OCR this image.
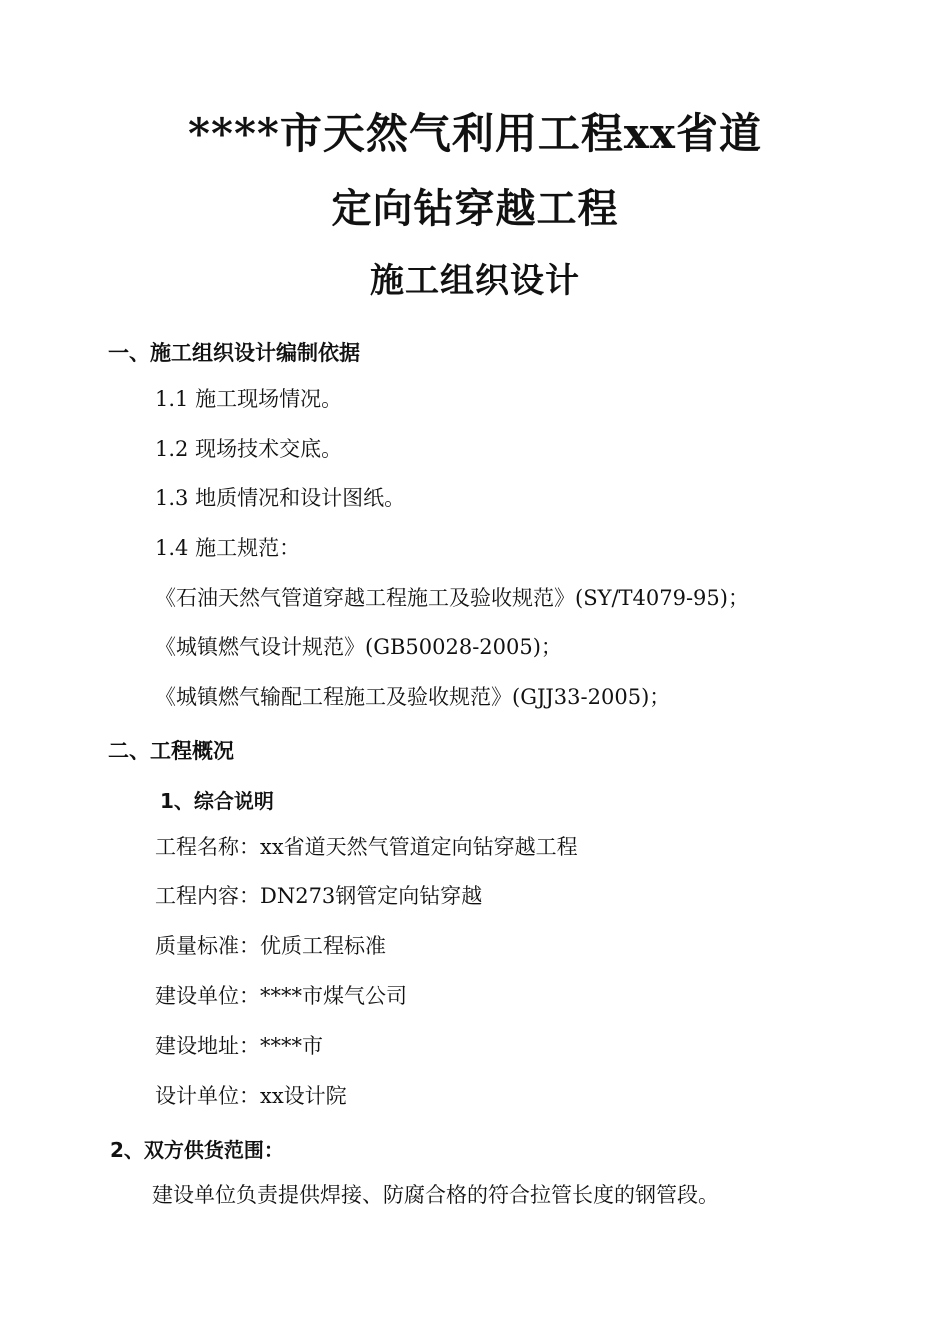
****市天然气利用工程xx省道
定向钻穿越工程
施工组织设计
一、施工组织设计编制依据
1.1 施工现场情况。
1.2 现场技术交底。
1.3 地质情况和设计图纸。
1.4 施工规范：
《石油天然气管道穿越工程施工及验收规范》(SY/T4079-95)；
《城镇燃气设计规范》(GB50028-2005)；
《城镇燃气输配工程施工及验收规范》(GJJ33-2005)；
二、工程概况
1、综合说明
工程名称：xx省道天然气管道定向钻穿越工程
工程内容：DN273钢管定向钻穿越
质量标准：优质工程标准
建设单位：****市煤气公司
建设地址：****市
设计单位：xx设计院
2、双方供货范围：
建设单位负责提供焊接、防腐合格的符合拉管长度的钢管段。
